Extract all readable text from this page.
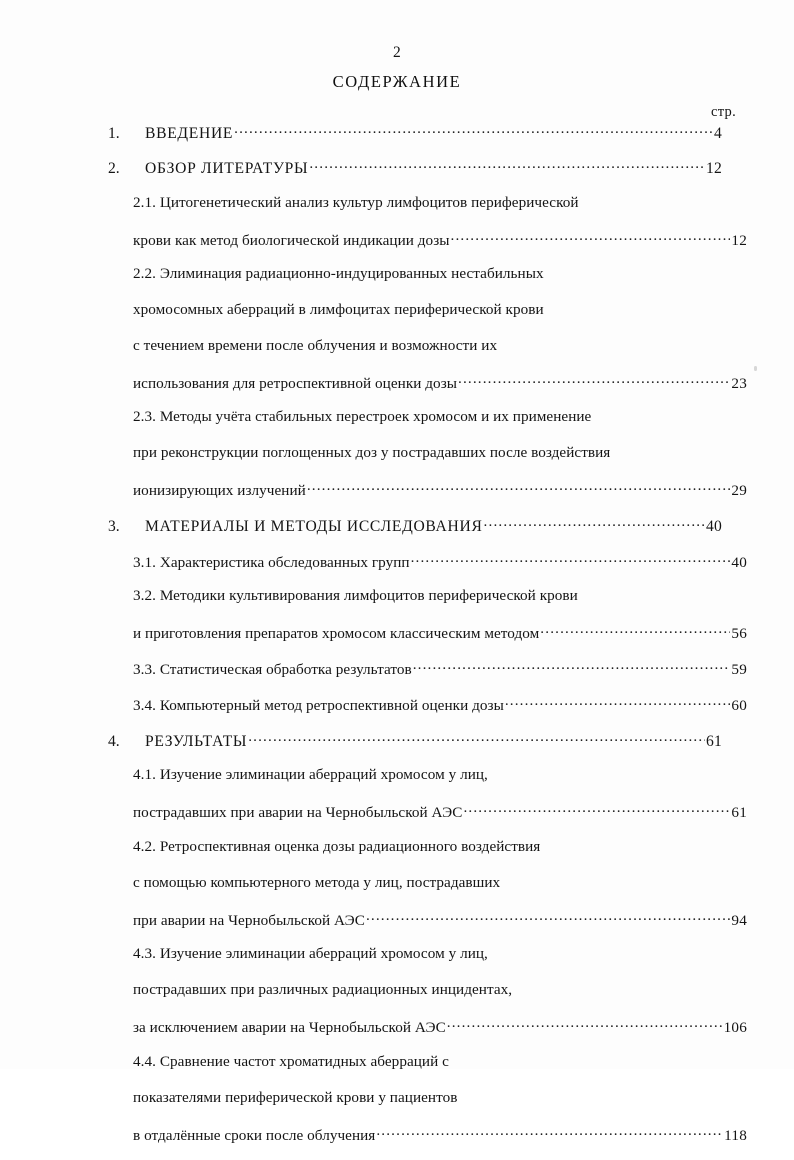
2
СОДЕРЖАНИЕ
стр.
1.	ВВЕДЕНИЕ .....	4
2.	ОБЗОР ЛИТЕРАТУРЫ .....	12
2.1. Цитогенетический анализ культур лимфоцитов периферической
крови как метод биологической индикации дозы .....	12
2.2. Элиминация радиационно-индуцированных нестабильных
хромосомных аберраций в лимфоцитах периферической крови
с течением времени после облучения и возможности их
использования для ретроспективной оценки дозы .....	23
2.3. Методы учёта стабильных перестроек хромосом и их применение
при реконструкции поглощенных доз у пострадавших после воздействия
ионизирующих излучений .....	29
3.	МАТЕРИАЛЫ И МЕТОДЫ ИССЛЕДОВАНИЯ .....	40
3.1. Характеристика обследованных групп .....	40
3.2. Методики культивирования лимфоцитов периферической крови
и приготовления препаратов хромосом классическим методом .....	56
3.3. Статистическая обработка результатов .....	59
3.4. Компьютерный метод ретроспективной оценки дозы .....	60
4.	РЕЗУЛЬТАТЫ .....	61
4.1. Изучение элиминации аберраций хромосом у лиц,
пострадавших при аварии на Чернобыльской АЭС .....	61
4.2. Ретроспективная оценка дозы радиационного воздействия
с помощью компьютерного метода у лиц, пострадавших
при аварии на Чернобыльской АЭС .....	94
4.3. Изучение элиминации аберраций хромосом у лиц,
пострадавших при различных радиационных инцидентах,
за исключением аварии на Чернобыльской АЭС .....	106
4.4. Сравнение частот хроматидных аберраций с
показателями периферической крови у пациентов
в отдалённые сроки после облучения .....	118
